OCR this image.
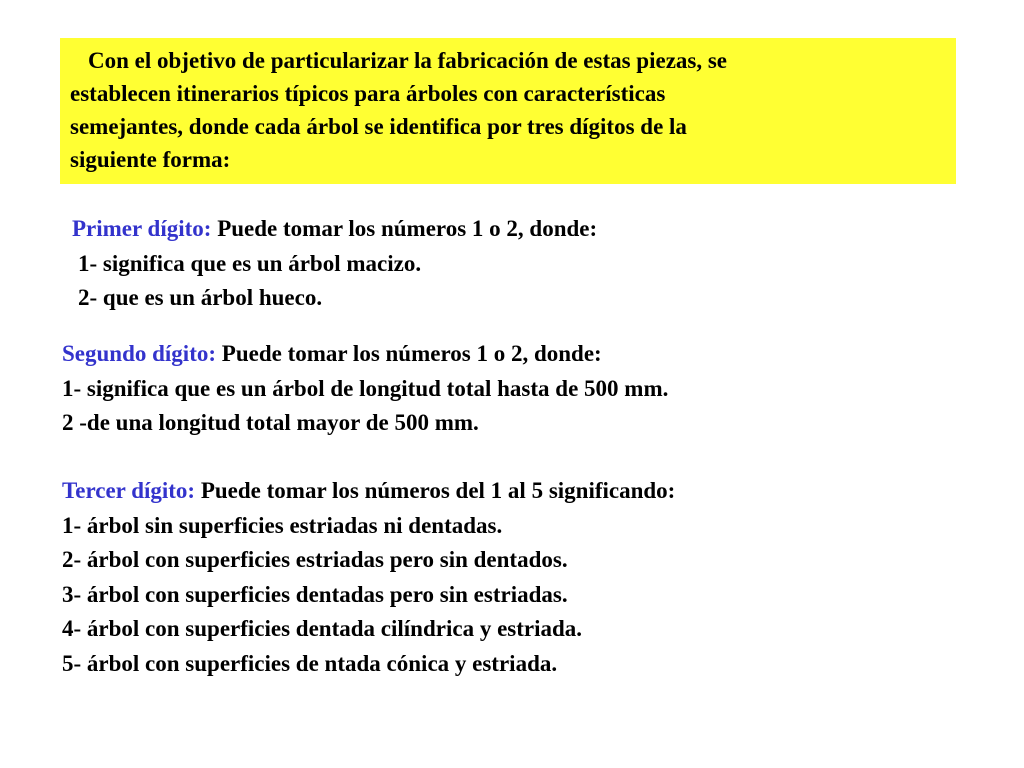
Con el objetivo de particularizar la fabricación de estas piezas, se
establecen itinerarios típicos para árboles con características
semejantes, donde cada árbol se identifica por tres dígitos de la
siguiente forma:
Primer dígito: Puede tomar los números 1 o 2, donde:
1- significa que es un árbol macizo.
2- que es un árbol hueco.
Segundo dígito: Puede tomar los números 1 o 2, donde:
1- significa que es un árbol de longitud total hasta de 500 mm.
2 -de una longitud total mayor de 500 mm.
Tercer dígito: Puede tomar los números del 1 al 5 significando:
1- árbol sin superficies estriadas ni dentadas.
2- árbol con superficies estriadas pero sin dentados.
3- árbol con superficies dentadas pero sin estriadas.
4- árbol con superficies dentada cilíndrica y estriada.
5- árbol con superficies de ntada cónica y estriada.
